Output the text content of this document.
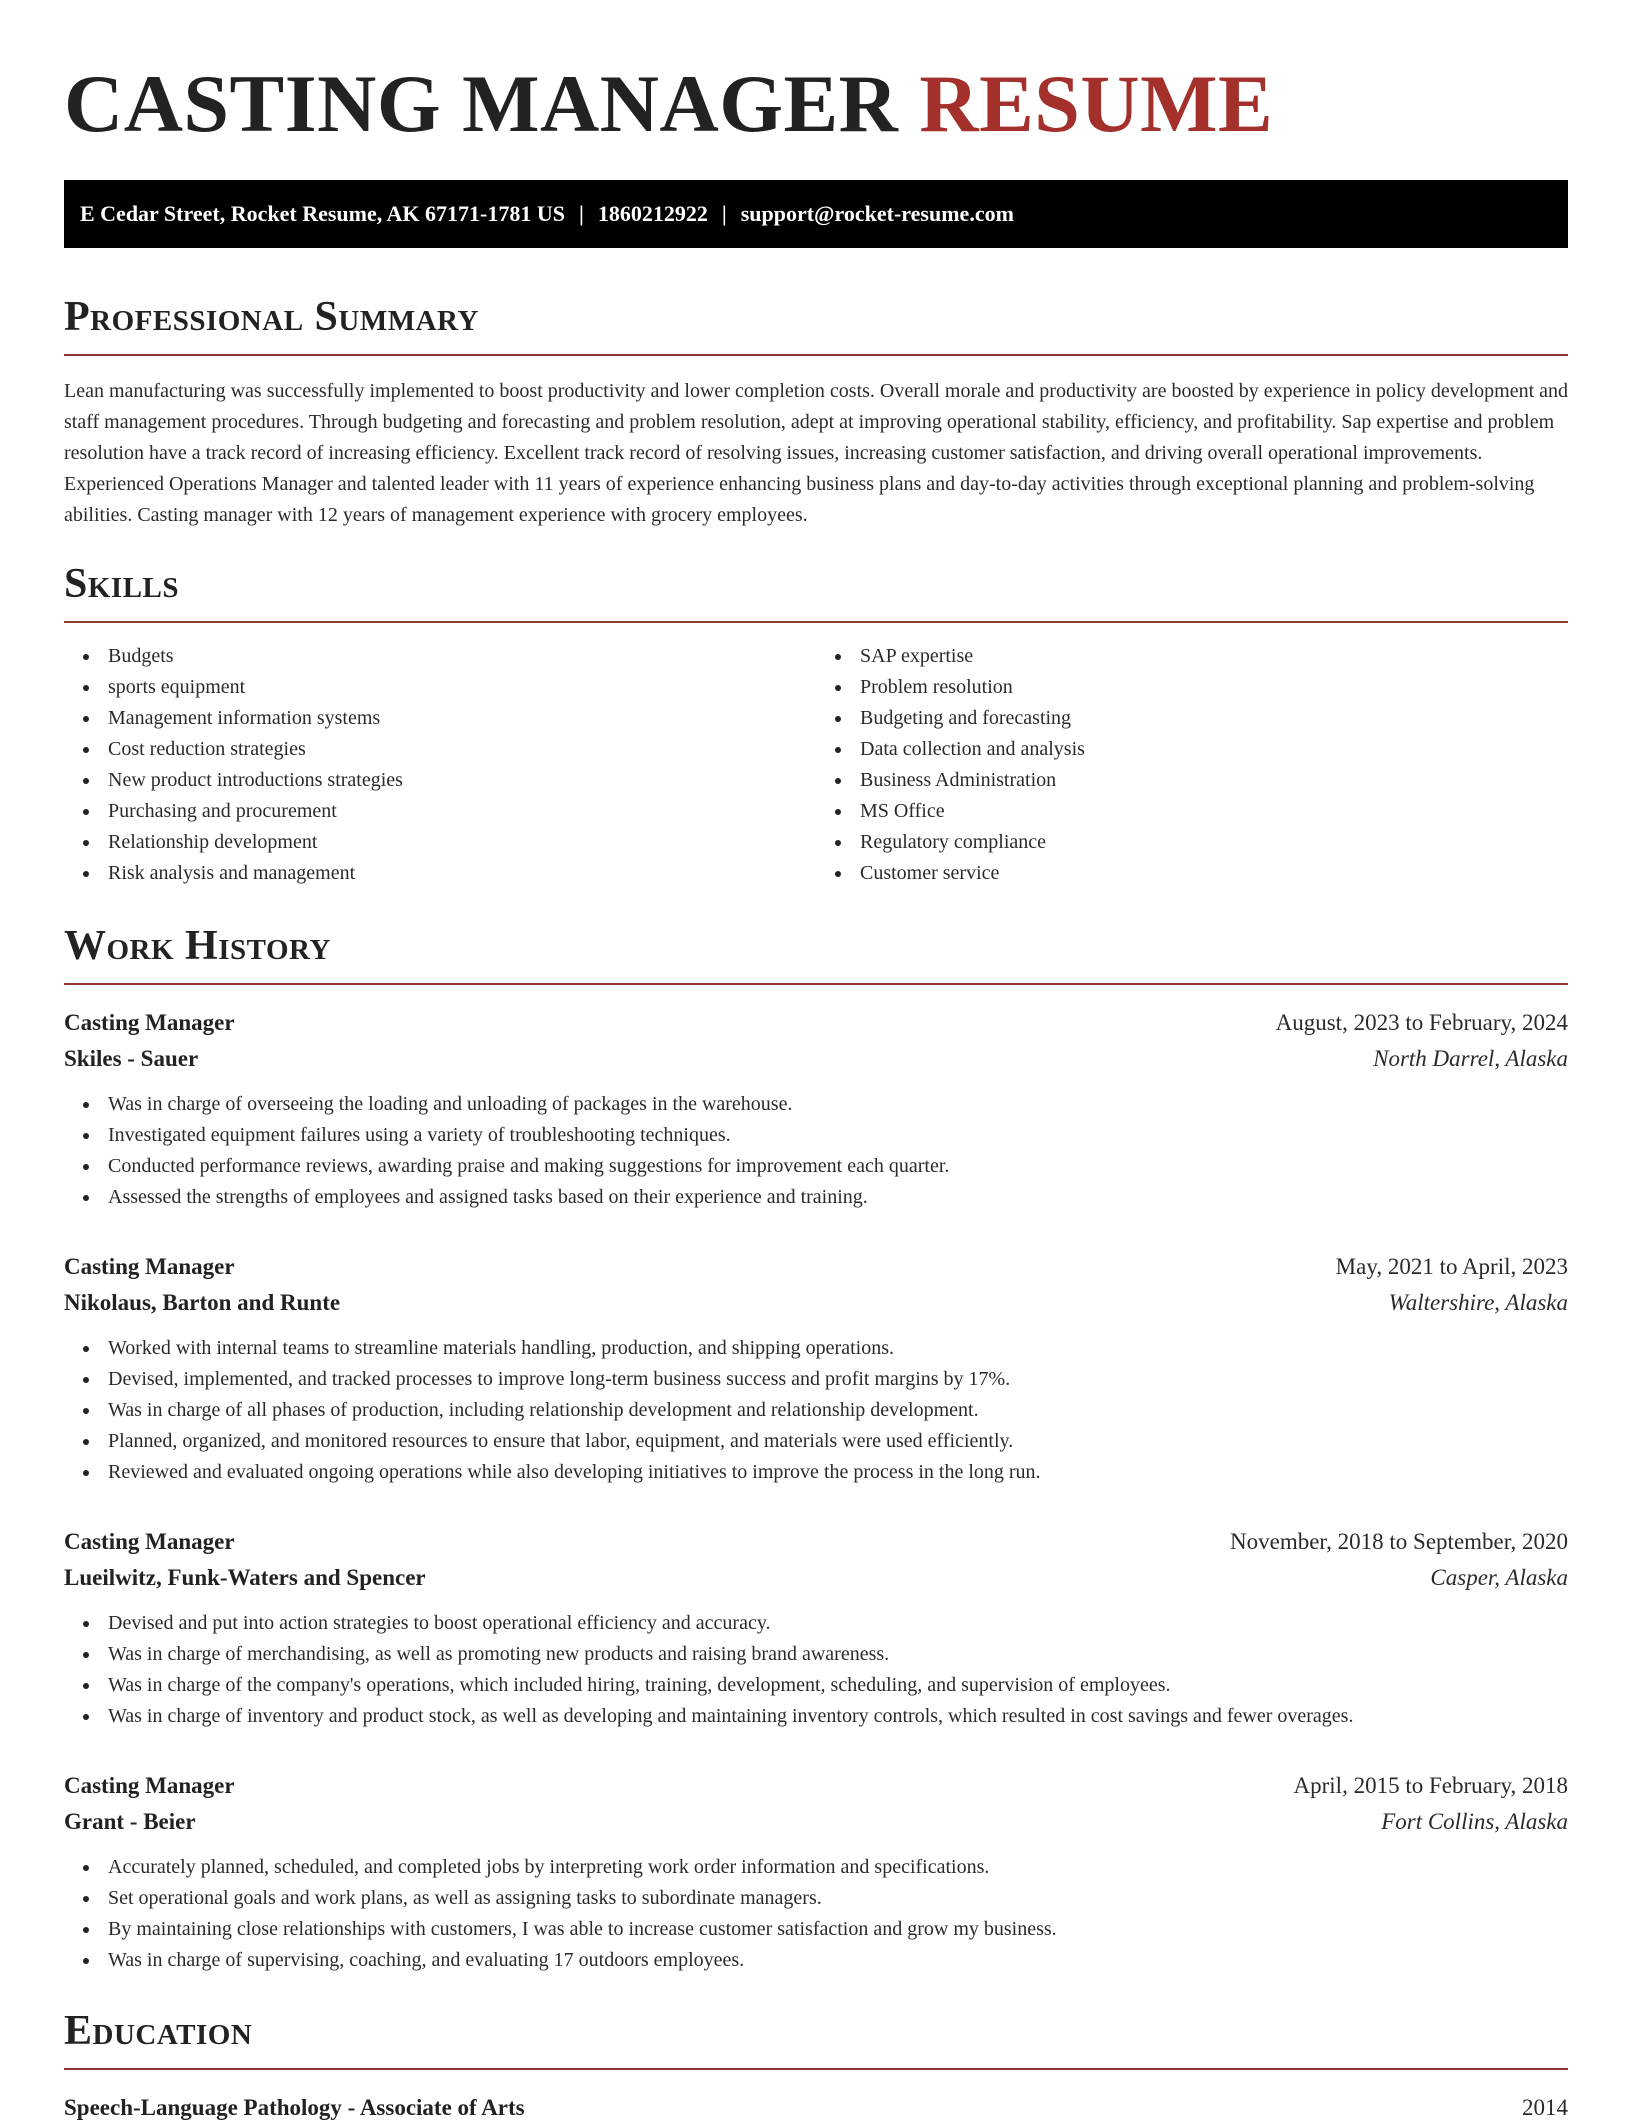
CASTING MANAGER RESUME
E Cedar Street, Rocket Resume, AK 67171-1781 US | 1860212922 | support@rocket-resume.com
Professional Summary

Lean manufacturing was successfully implemented to boost productivity and lower completion costs. Overall morale and productivity are boosted by experience in policy development and staff management procedures. Through budgeting and forecasting and problem resolution, adept at improving operational stability, efficiency, and profitability. Sap expertise and problem resolution have a track record of increasing efficiency. Excellent track record of resolving issues, increasing customer satisfaction, and driving overall operational improvements. Experienced Operations Manager and talented leader with 11 years of experience enhancing business plans and day-to-day activities through exceptional planning and problem-solving abilities. Casting manager with 12 years of management experience with grocery employees.

Skills
Budgets
sports equipment
Management information systems
Cost reduction strategies
New product introductions strategies
Purchasing and procurement
Relationship development
Risk analysis and management
SAP expertise
Problem resolution
Budgeting and forecasting
Data collection and analysis
Business Administration
MS Office
Regulatory compliance
Customer service
Work History
Casting Manager	August, 2023 to February, 2024
Skiles - Sauer	North Darrel, Alaska
Was in charge of overseeing the loading and unloading of packages in the warehouse.
Investigated equipment failures using a variety of troubleshooting techniques.
Conducted performance reviews, awarding praise and making suggestions for improvement each quarter.
Assessed the strengths of employees and assigned tasks based on their experience and training.
Casting Manager	May, 2021 to April, 2023
Nikolaus, Barton and Runte	Waltershire, Alaska
Worked with internal teams to streamline materials handling, production, and shipping operations.
Devised, implemented, and tracked processes to improve long-term business success and profit margins by 17%.
Was in charge of all phases of production, including relationship development and relationship development.
Planned, organized, and monitored resources to ensure that labor, equipment, and materials were used efficiently.
Reviewed and evaluated ongoing operations while also developing initiatives to improve the process in the long run.
Casting Manager	November, 2018 to September, 2020
Lueilwitz, Funk-Waters and Spencer	Casper, Alaska
Devised and put into action strategies to boost operational efficiency and accuracy.
Was in charge of merchandising, as well as promoting new products and raising brand awareness.
Was in charge of the company's operations, which included hiring, training, development, scheduling, and supervision of employees.
Was in charge of inventory and product stock, as well as developing and maintaining inventory controls, which resulted in cost savings and fewer overages.
Casting Manager	April, 2015 to February, 2018
Grant - Beier	Fort Collins, Alaska
Accurately planned, scheduled, and completed jobs by interpreting work order information and specifications.
Set operational goals and work plans, as well as assigning tasks to subordinate managers.
By maintaining close relationships with customers, I was able to increase customer satisfaction and grow my business.
Was in charge of supervising, coaching, and evaluating 17 outdoors employees.
Education
Speech-Language Pathology - Associate of Arts	2014
